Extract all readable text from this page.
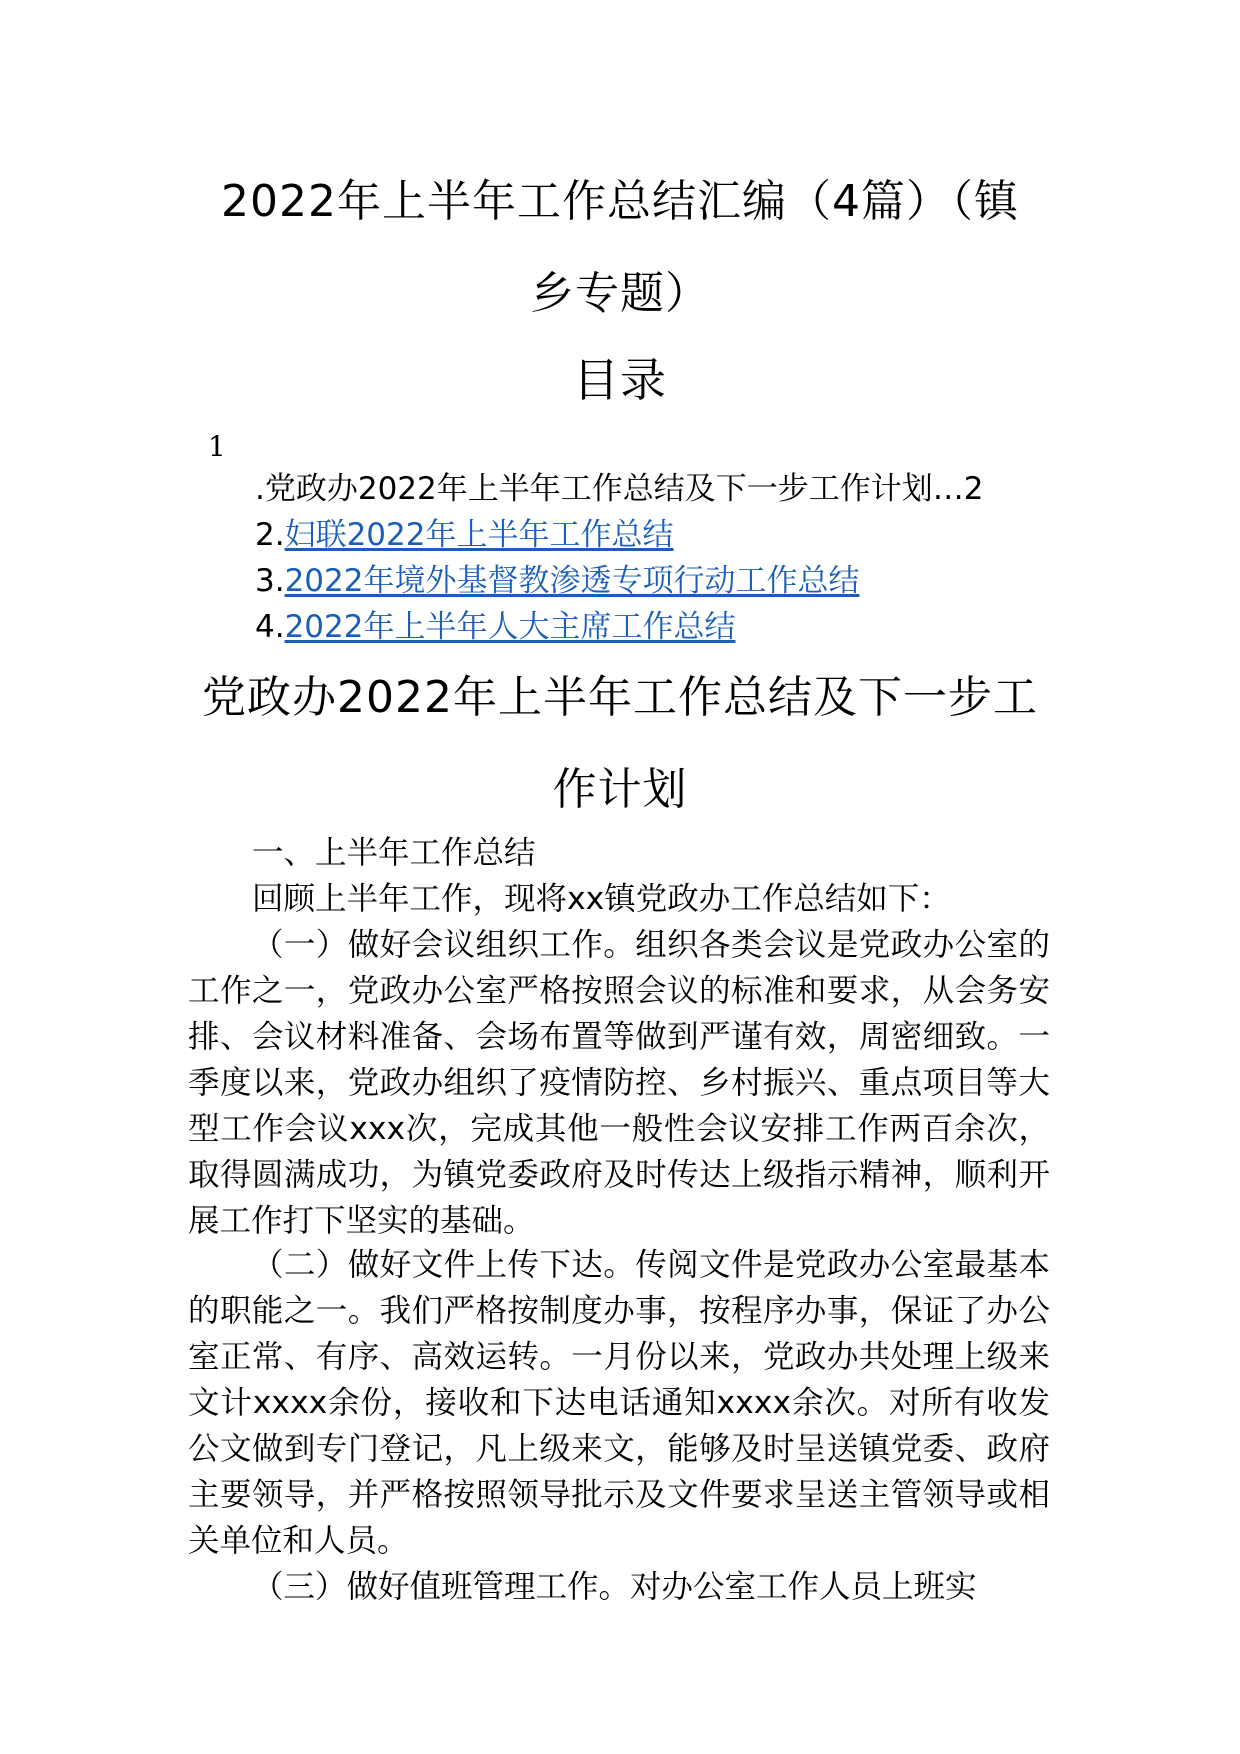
2022年上半年工作总结汇编（4篇）（镇
乡专题）
目录
1
.党政办2022年上半年工作总结及下一步工作计划…2
2.妇联2022年上半年工作总结
3.2022年境外基督教渗透专项行动工作总结
4.2022年上半年人大主席工作总结
党政办2022年上半年工作总结及下一步工
作计划

一、上半年工作总结

回顾上半年工作，现将xx镇党政办工作总结如下：

（一）做好会议组织工作。组织各类会议是党政办公室的工作之一，党政办公室严格按照会议的标准和要求，从会务安排、会议材料准备、会场布置等做到严谨有效，周密细致。一季度以来，党政办组织了疫情防控、乡村振兴、重点项目等大型工作会议xxx次，完成其他一般性会议安排工作两百余次，取得圆满成功，为镇党委政府及时传达上级指示精神，顺利开展工作打下坚实的基础。

（二）做好文件上传下达。传阅文件是党政办公室最基本的职能之一。我们严格按制度办事，按程序办事，保证了办公室正常、有序、高效运转。一月份以来，党政办共处理上级来文计xxxx余份，接收和下达电话通知xxxx余次。对所有收发公文做到专门登记，凡上级来文，能够及时呈送镇党委、政府主要领导，并严格按照领导批示及文件要求呈送主管领导或相关单位和人员。

（三）做好值班管理工作。对办公室工作人员上班实
